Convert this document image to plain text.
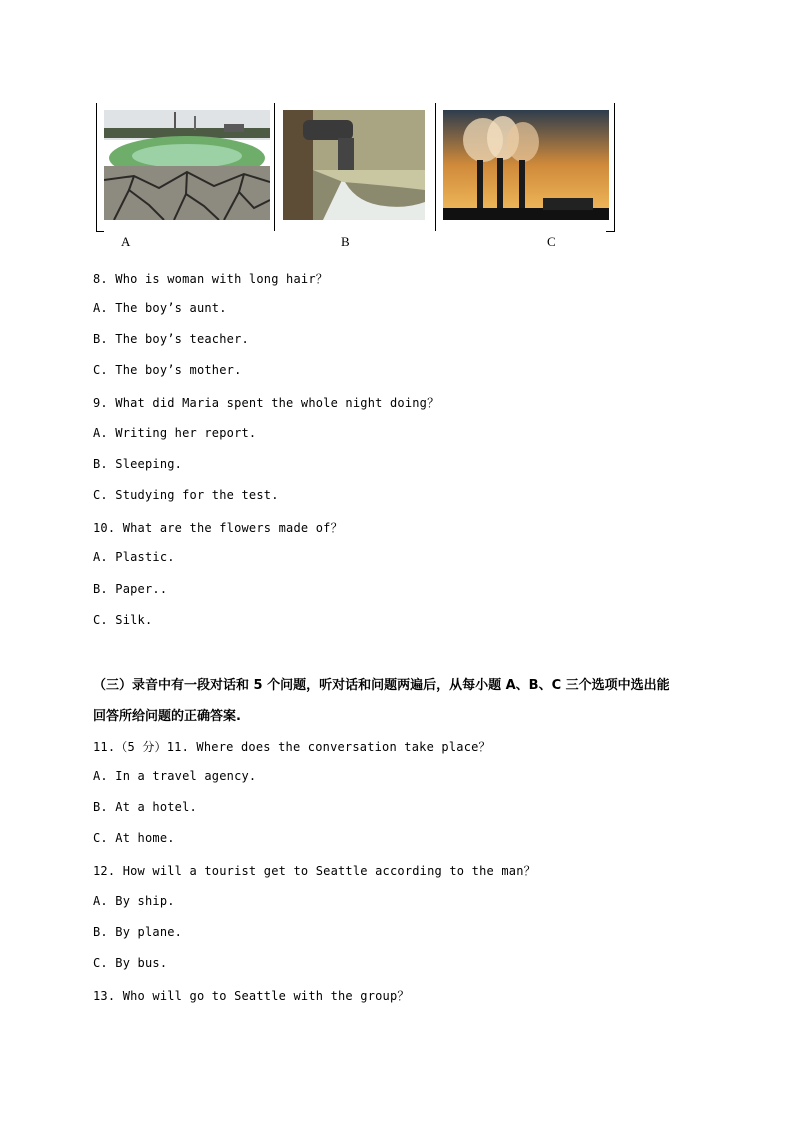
A	B	C
8. Who is woman with long hair？
A. The boy’s aunt.
B. The boy’s teacher.
C. The boy’s mother.
9. What did Maria spent the whole night doing？
A. Writing her report.
B. Sleeping.
C. Studying for the test.
10. What are the flowers made of？
A. Plastic.
B. Paper..
C. Silk.
（三）录音中有一段对话和 5 个问题，听对话和问题两遍后，从每小题 A、B、C 三个选项中选出能
回答所给问题的正确答案.
11.（5 分）11. Where does the conversation take place？
A. In a travel agency.
B. At a hotel.
C. At home.
12. How will a tourist get to Seattle according to the man？
A. By ship.
B. By plane.
C. By bus.
13. Who will go to Seattle with the group？
